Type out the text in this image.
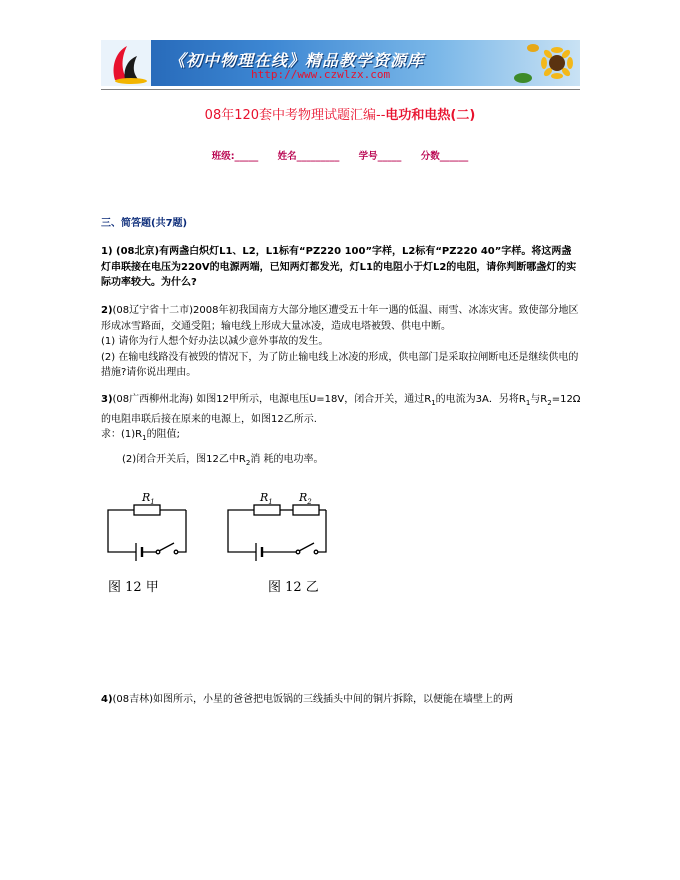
《初中物理在线》精品教学资源库
http://www.czwlzx.com
08年120套中考物理试题汇编--电功和电热(二)
班级:_____ 姓名_________ 学号_____ 分数______
三、简答题(共7题)
1) (08北京)有两盏白炽灯L1、L2，L1标有“PZ220 100”字样，L2标有“PZ220 40”字样。将这两盏灯串联接在电压为220V的电源两端，已知两灯都发光，灯L1的电阻小于灯L2的电阻，请你判断哪盏灯的实际功率较大。为什么?
2)(08辽宁省十二市)2008年初我国南方大部分地区遭受五十年一遇的低温、雨雪、冰冻灾害。致使部分地区形成冰雪路面，交通受阻；输电线上形成大量冰凌，造成电塔被毁、供电中断。
(1) 请你为行人想个好办法以减少意外事故的发生。
(2) 在输电线路没有被毁的情况下，为了防止输电线上冰凌的形成，供电部门是采取拉闸断电还是继续供电的措施?请你说出理由。
3)(08广西柳州北海) 如图12甲所示，电源电压U=18V，闭合开关，通过$R_1$的电流为3A．另将$R_1$与$R_2=12\Omega$的电阻串联后接在原来的电源上，如图12乙所示.
求：$(1)R_1$的阻值;
(2)闭合开关后，图12乙中$R_2$消 耗的电功率。
$R_1$	$R_1$ $R_2$
图 12 甲	图 12 乙
4)(08吉林)如图所示，小星的爸爸把电饭锅的三线插头中间的铜片拆除，以便能在墙壁上的两
